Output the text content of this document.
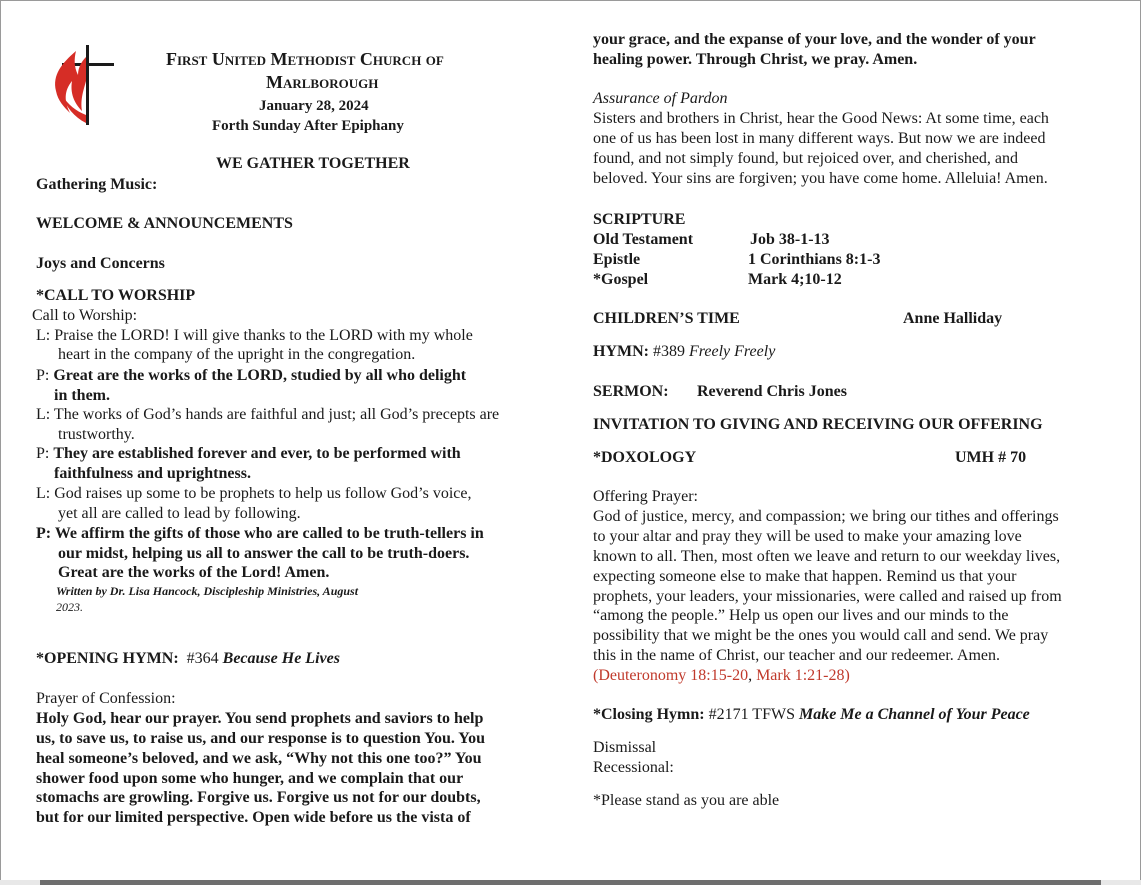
First United Methodist Church of
Marlborough
January 28, 2024
Forth Sunday After Epiphany
WE GATHER TOGETHER
Gathering Music:
WELCOME & ANNOUNCEMENTS
Joys and Concerns
*CALL TO WORSHIP
Call to Worship:
L: Praise the LORD! I will give thanks to the LORD with my whole
heart in the company of the upright in the congregation.
P: Great are the works of the LORD, studied by all who delight
in them.
L: The works of God’s hands are faithful and just; all God’s precepts are
trustworthy.
P: They are established forever and ever, to be performed with
faithfulness and uprightness.
L: God raises up some to be prophets to help us follow God’s voice,
yet all are called to lead by following.
P: We affirm the gifts of those who are called to be truth-tellers in
our midst, helping us all to answer the call to be truth-doers.
Great are the works of the Lord! Amen.
Written by Dr. Lisa Hancock, Discipleship Ministries, August
2023.
*OPENING HYMN: #364 Because He Lives
Prayer of Confession:
Holy God, hear our prayer. You send prophets and saviors to help
us, to save us, to raise us, and our response is to question You. You
heal someone’s beloved, and we ask, “Why not this one too?” You
shower food upon some who hunger, and we complain that our
stomachs are growling. Forgive us. Forgive us not for our doubts,
but for our limited perspective. Open wide before us the vista of
your grace, and the expanse of your love, and the wonder of your
healing power. Through Christ, we pray. Amen.
Assurance of Pardon
Sisters and brothers in Christ, hear the Good News: At some time, each
one of us has been lost in many different ways. But now we are indeed
found, and not simply found, but rejoiced over, and cherished, and
beloved. Your sins are forgiven; you have come home. Alleluia! Amen.
SCRIPTURE
Old Testament	Job 38-1-13
Epistle	1 Corinthians 8:1-3
*Gospel	Mark 4;10-12
CHILDREN’S TIME	Anne Halliday
HYMN: #389 Freely Freely
SERMON: Reverend Chris Jones
INVITATION TO GIVING AND RECEIVING OUR OFFERING
*DOXOLOGY	UMH # 70
Offering Prayer:
God of justice, mercy, and compassion; we bring our tithes and offerings
to your altar and pray they will be used to make your amazing love
known to all. Then, most often we leave and return to our weekday lives,
expecting someone else to make that happen. Remind us that your
prophets, your leaders, your missionaries, were called and raised up from
“among the people.” Help us open our lives and our minds to the
possibility that we might be the ones you would call and send. We pray
this in the name of Christ, our teacher and our redeemer. Amen.
(Deuteronomy 18:15-20, Mark 1:21-28)
*Closing Hymn: #2171 TFWS Make Me a Channel of Your Peace
Dismissal
Recessional:
*Please stand as you are able
